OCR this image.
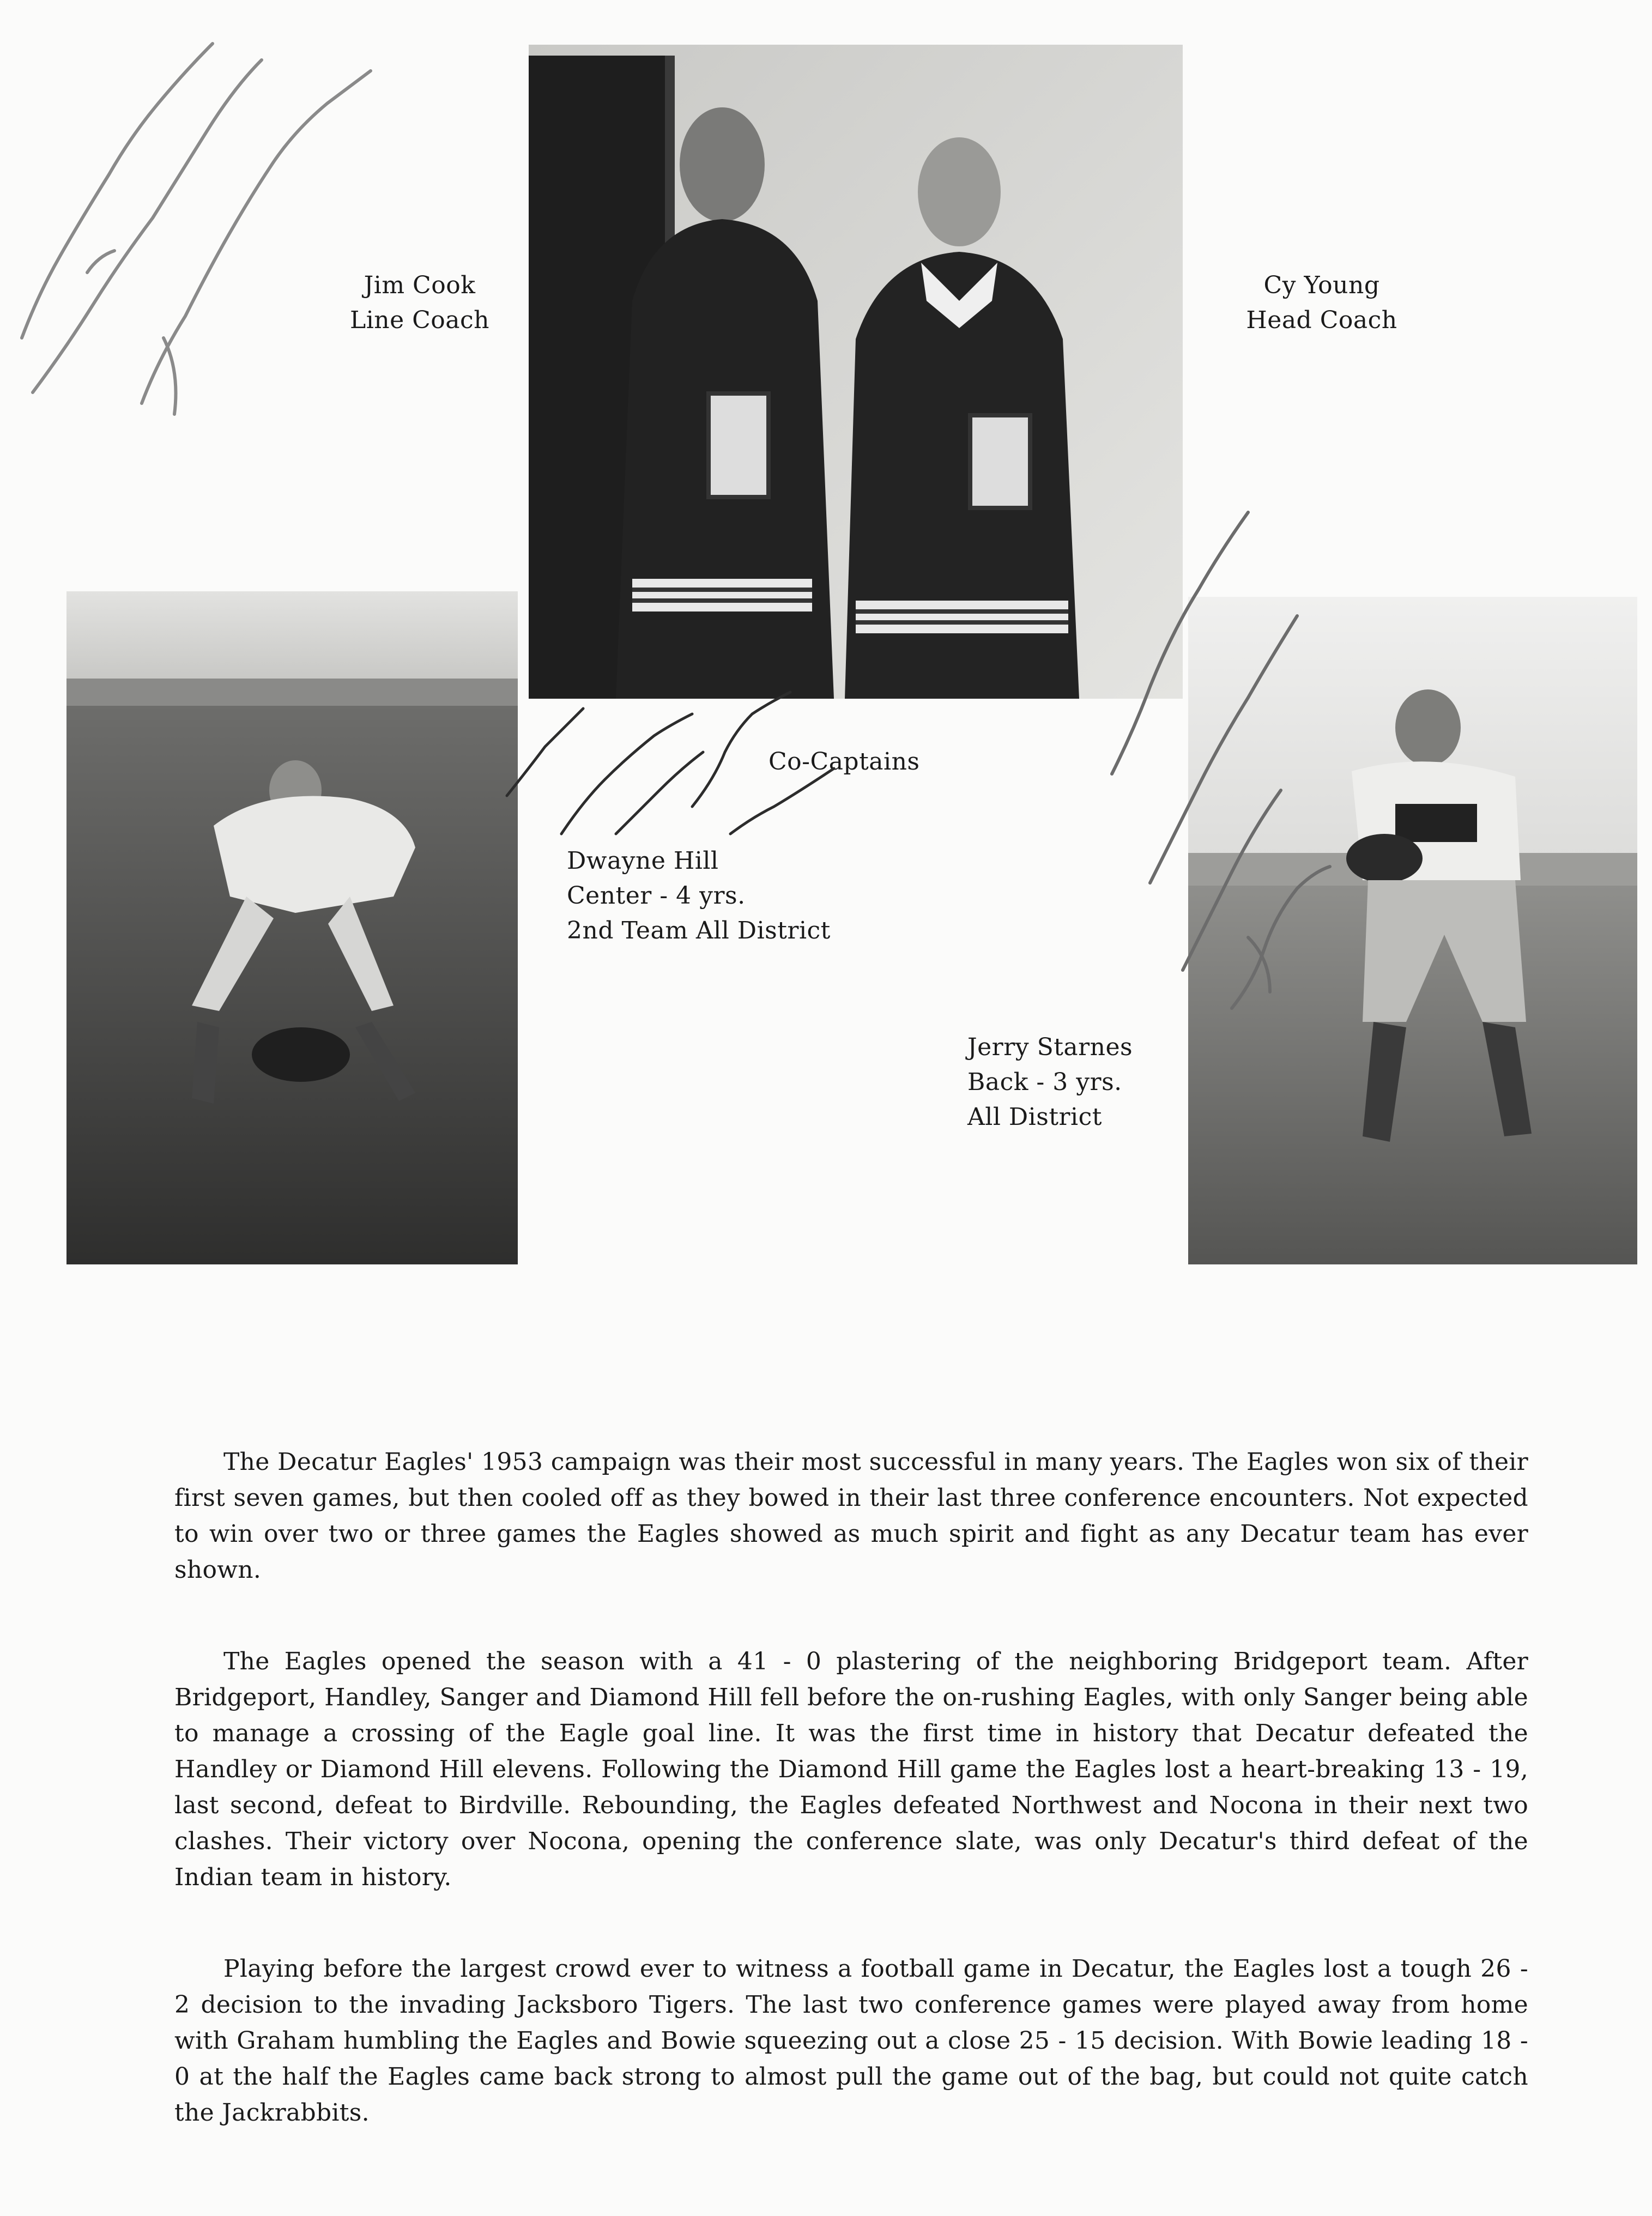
Jim Cook
Line Coach
Cy Young
Head Coach
Co-Captains
Dwayne Hill
Center - 4 yrs.
2nd Team All District
Jerry Starnes
Back - 3 yrs.
All District

The Decatur Eagles' 1953 campaign was their most successful in many years. The Eagles won six of their first seven games, but then cooled off as they bowed in their last three conference encounters. Not expected to win over two or three games the Eagles showed as much spirit and fight as any Decatur team has ever shown.

The Eagles opened the season with a 41 - 0 plastering of the neighboring Bridgeport team. After Bridgeport, Handley, Sanger and Diamond Hill fell before the on-rushing Eagles, with only Sanger being able to manage a crossing of the Eagle goal line. It was the first time in history that Decatur defeated the Handley or Diamond Hill elevens. Following the Diamond Hill game the Eagles lost a heart-breaking 13 - 19, last second, defeat to Birdville. Rebounding, the Eagles defeated Northwest and Nocona in their next two clashes. Their victory over Nocona, opening the conference slate, was only Decatur's third defeat of the Indian team in history.

Playing before the largest crowd ever to witness a football game in Decatur, the Eagles lost a tough 26 - 2 decision to the invading Jacksboro Tigers. The last two conference games were played away from home with Graham humbling the Eagles and Bowie squeezing out a close 25 - 15 decision. With Bowie leading 18 - 0 at the half the Eagles came back strong to almost pull the game out of the bag, but could not quite catch the Jackrabbits.
